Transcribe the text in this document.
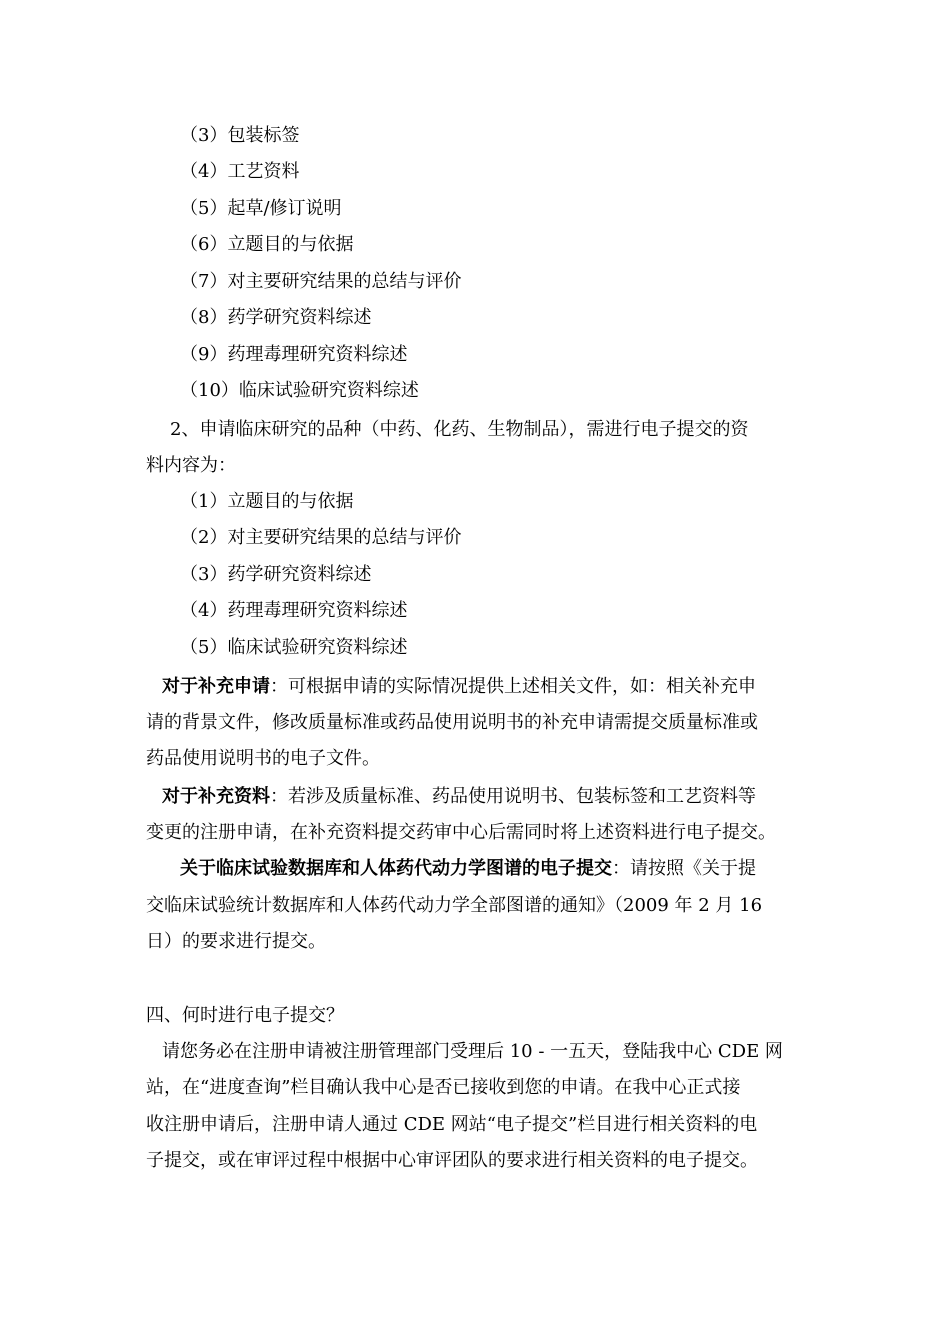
（3）包装标签
（4）工艺资料
（5）起草/修订说明
（6）立题目的与依据
（7）对主要研究结果的总结与评价
（8）药学研究资料综述
（9）药理毒理研究资料综述
（10）临床试验研究资料综述
2、申请临床研究的品种（中药、化药、生物制品），需进行电子提交的资
料内容为：
（1）立题目的与依据
（2）对主要研究结果的总结与评价
（3）药学研究资料综述
（4）药理毒理研究资料综述
（5）临床试验研究资料综述
对于补充申请：可根据申请的实际情况提供上述相关文件，如：相关补充申
请的背景文件，修改质量标准或药品使用说明书的补充申请需提交质量标准或
药品使用说明书的电子文件。
对于补充资料：若涉及质量标准、药品使用说明书、包装标签和工艺资料等
变更的注册申请，在补充资料提交药审中心后需同时将上述资料进行电子提交。
关于临床试验数据库和人体药代动力学图谱的电子提交：请按照《关于提
交临床试验统计数据库和人体药代动力学全部图谱的通知》（2009 年 2 月 16
日）的要求进行提交。
四、何时进行电子提交？
请您务必在注册申请被注册管理部门受理后 10 - 一五天，登陆我中心 CDE 网
站，在“进度查询”栏目确认我中心是否已接收到您的申请。在我中心正式接
收注册申请后，注册申请人通过 CDE 网站“电子提交”栏目进行相关资料的电
子提交，或在审评过程中根据中心审评团队的要求进行相关资料的电子提交。
